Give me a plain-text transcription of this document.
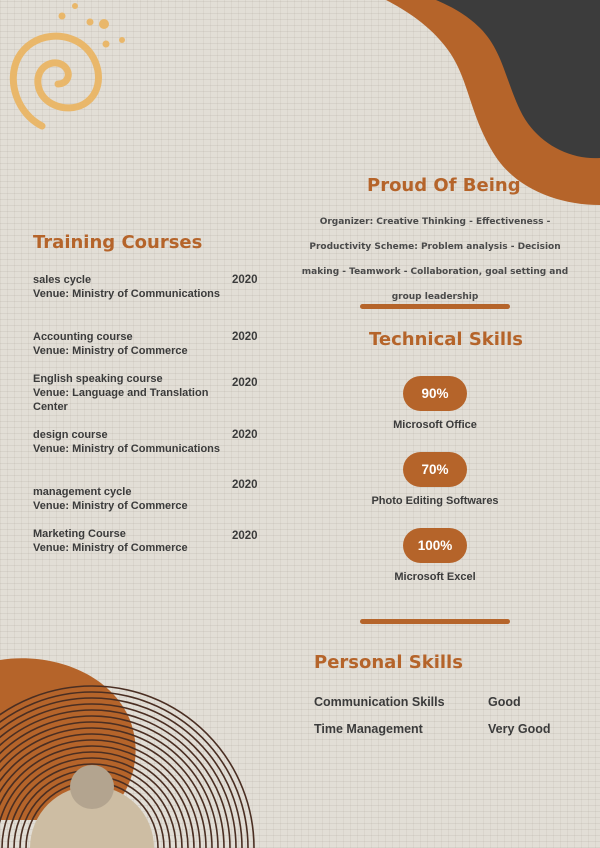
Proud Of Being
Organizer: Creative Thinking - Effectiveness - Productivity Scheme: Problem analysis - Decision making - Teamwork - Collaboration, goal setting and group leadership
Training Courses
sales cycle
Venue: Ministry of Communications
2020
Accounting course
Venue: Ministry of Commerce
2020
English speaking course
Venue: Language and Translation Center
2020
design course
Venue: Ministry of Communications
2020
management cycle
Venue: Ministry of Commerce
2020
Marketing Course
Venue: Ministry of Commerce
2020
Technical Skills
90%
Microsoft Office
70%
Photo Editing Softwares
100%
Microsoft Excel
Personal Skills
Communication Skills	Good
Time Management	Very Good
